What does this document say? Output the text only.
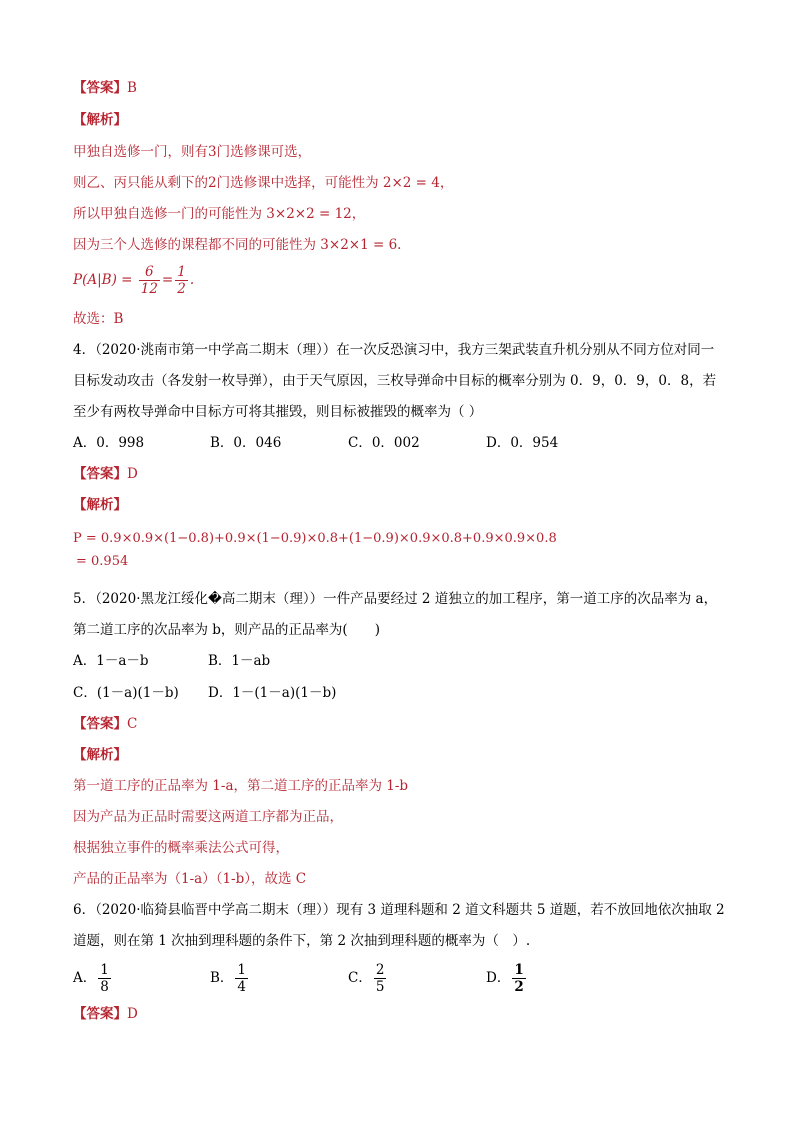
【答案】B
【解析】
甲独自选修一门，则有3门选修课可选，
则乙、丙只能从剩下的2门选修课中选择，可能性为 2×2 = 4，
所以甲独自选修一门的可能性为 3×2×2 = 12，
因为三个人选修的课程都不同的可能性为 3×2×1 = 6.
$P(A|B) = \frac{6}{12} = \frac{1}{2}$ .
故选：B
4．（2020·洮南市第一中学高二期末（理））在一次反恐演习中，我方三架武装直升机分别从不同方位对同一
目标发动攻击（各发射一枚导弹），由于天气原因，三枚导弹命中目标的概率分别为 0．9，0．9，0．8，若
至少有两枚导弹命中目标方可将其摧毁，则目标被摧毁的概率为（ ）
A．0．998	B．0．046	C．0．002	D．0．954
【答案】D
【解析】
P = 0.9×0.9×(1−0.8)+0.9×(1−0.9)×0.8+(1−0.9)×0.9×0.8+0.9×0.9×0.8
= 0.954
5．（2020·黑龙江绥化�高二期末（理））一件产品要经过 2 道独立的加工程序，第一道工序的次品率为 a，
第二道工序的次品率为 b，则产品的正品率为(　　)
A．1－a－b	B．1－ab
C．(1－a)(1－b) D．1－(1－a)(1－b)
【答案】C
【解析】
第一道工序的正品率为 1-a，第二道工序的正品率为 1-b
因为产品为正品时需要这两道工序都为正品，
根据独立事件的概率乘法公式可得，
产品的正品率为（1-a）（1-b），故选 C
6．（2020·临猗县临晋中学高二期末（理））现有 3 道理科题和 2 道文科题共 5 道题，若不放回地依次抽取 2
道题，则在第 1 次抽到理科题的条件下，第 2 次抽到理科题的概率为（　）.
A． $\frac{1}{8}$	B． $\frac{1}{4}$	C． $\frac{2}{5}$	D． $\frac{1}{2}$
【答案】D
